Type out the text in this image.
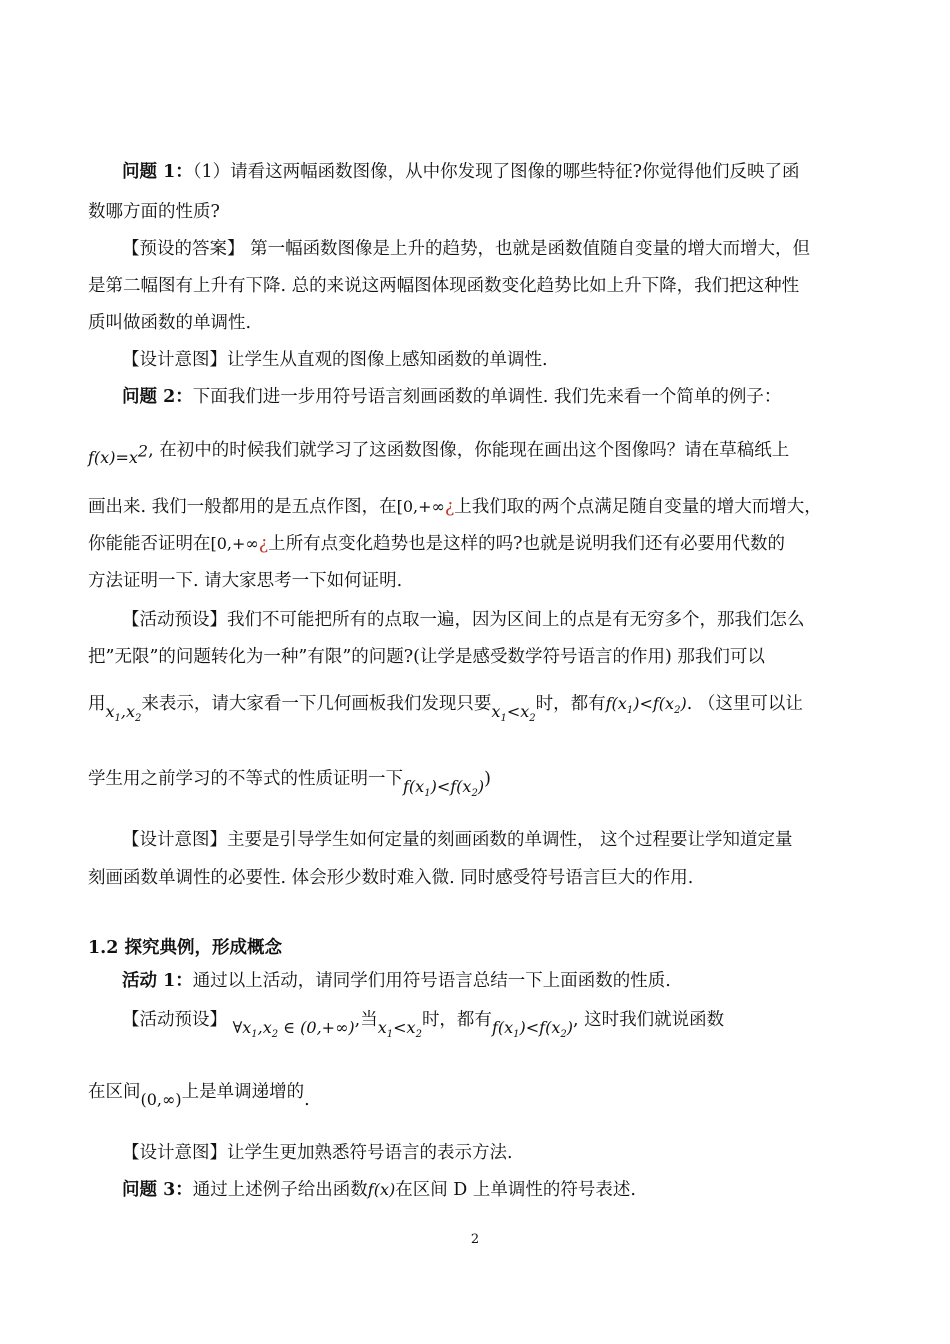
问题 1：（1）请看这两幅函数图像，从中你发现了图像的哪些特征?你觉得他们反映了函
数哪方面的性质?
【预设的答案】 第一幅函数图像是上升的趋势，也就是函数值随自变量的增大而增大，但
是第二幅图有上升有下降. 总的来说这两幅图体现函数变化趋势比如上升下降，我们把这种性
质叫做函数的单调性.
【设计意图】让学生从直观的图像上感知函数的单调性.
问题 2：下面我们进一步用符号语言刻画函数的单调性. 我们先来看一个简单的例子：
$f(x)=x^2$, 在初中的时候我们就学习了这函数图像，你能现在画出这个图像吗？请在草稿纸上
画出来. 我们一般都用的是五点作图，在[0,+∞¿上我们取的两个点满足随自变量的增大而增大，
你能能否证明在[0,+∞¿上所有点变化趋势也是这样的吗?也就是说明我们还有必要用代数的
方法证明一下. 请大家思考一下如何证明.
【活动预设】我们不可能把所有的点取一遍，因为区间上的点是有无穷多个，那我们怎么
把”无限”的问题转化为一种”有限”的问题?(让学是感受数学符号语言的作用) 那我们可以
用$x_1,x_2$来表示，请大家看一下几何画板我们发现只要$x_1<x_2$时，都有$f(x_1)<f(x_2)$. （这里可以让
学生用之前学习的不等式的性质证明一下$f(x_1)<f(x_2)$)
【设计意图】主要是引导学生如何定量的刻画函数的单调性， 这个过程要让学知道定量
刻画函数单调性的必要性. 体会形少数时难入微. 同时感受符号语言巨大的作用.
1.2 探究典例，形成概念
活动 1：通过以上活动，请同学们用符号语言总结一下上面函数的性质.
【活动预设】 $\forall x_1,x_2$ ∈ (0,+∞),当$x_1<x_2$时，都有$f(x_1)<f(x_2)$, 这时我们就说函数
在区间(0,∞)上是单调递增的.
【设计意图】让学生更加熟悉符号语言的表示方法.
问题 3：通过上述例子给出函数f(x)在区间 D 上单调性的符号表述.
2
